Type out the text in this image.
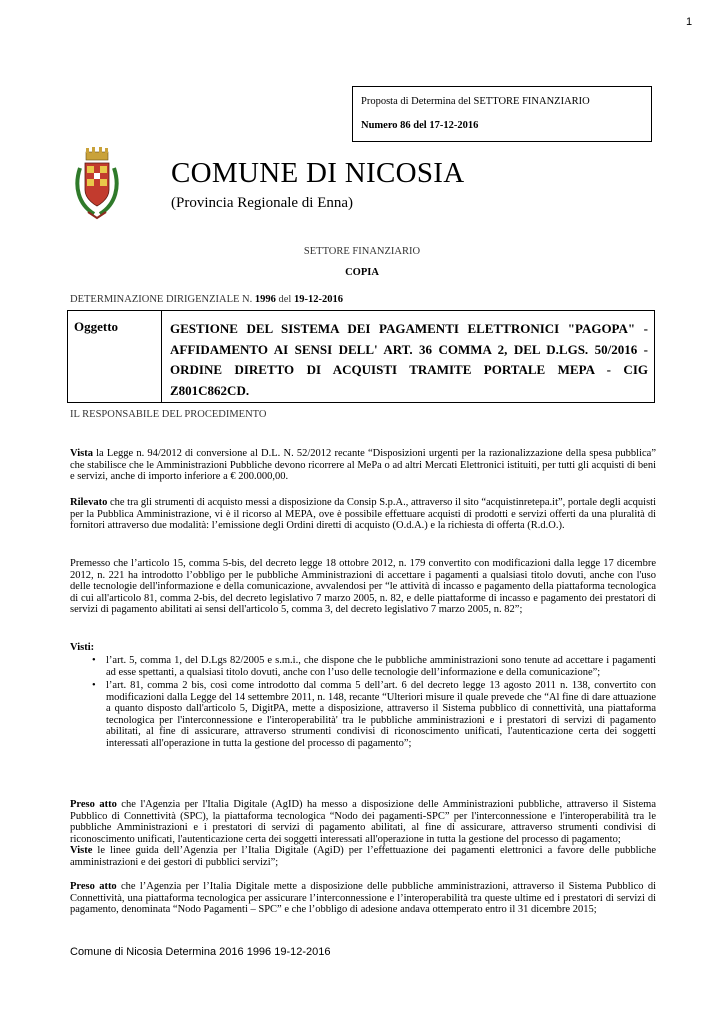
1
Proposta di Determina del SETTORE FINANZIARIO
Numero 86 del 17-12-2016
COMUNE DI NICOSIA
(Provincia Regionale di Enna)
SETTORE FINANZIARIO
COPIA
DETERMINAZIONE DIRIGENZIALE N. 1996 del 19-12-2016
Oggetto	GESTIONE DEL SISTEMA DEI PAGAMENTI ELETTRONICI "PAGOPA" - AFFIDAMENTO AI SENSI DELL' ART. 36 COMMA 2, DEL D.LGS. 50/2016 - ORDINE DIRETTO DI ACQUISTI TRAMITE PORTALE MEPA - CIG Z801C862CD.
IL RESPONSABILE DEL PROCEDIMENTO

Vista la Legge n. 94/2012 di conversione al D.L. N. 52/2012 recante “Disposizioni urgenti per la razionalizzazione della spesa pubblica” che stabilisce che le Amministrazioni Pubbliche devono ricorrere al MePa o ad altri Mercati Elettronici istituiti, per tutti gli acquisti di beni e servizi, anche di importo inferiore a € 200.000,00.

Rilevato che tra gli strumenti di acquisto messi a disposizione da Consip S.p.A., attraverso il sito “acquistinretepa.it”, portale degli acquisti per la Pubblica Amministrazione, vi è il ricorso al MEPA, ove è possibile effettuare acquisti di prodotti e servizi offerti da una pluralità di fornitori attraverso due modalità: l’emissione degli Ordini diretti di acquisto (O.d.A.) e la richiesta di offerta (R.d.O.).

Premesso che l’articolo 15, comma 5-bis, del decreto legge 18 ottobre 2012, n. 179 convertito con modificazioni dalla legge 17 dicembre 2012, n. 221 ha introdotto l’obbligo per le pubbliche Amministrazioni di accettare i pagamenti a qualsiasi titolo dovuti, anche con l'uso delle tecnologie dell'informazione e della comunicazione, avvalendosi per “le attività di incasso e pagamento della piattaforma tecnologica di cui all'articolo 81, comma 2-bis, del decreto legislativo 7 marzo 2005, n. 82, e delle piattaforme di incasso e pagamento dei prestatori di servizi di pagamento abilitati ai sensi dell'articolo 5, comma 3, del decreto legislativo 7 marzo 2005, n. 82”;

Visti:
• l’art. 5, comma 1, del D.Lgs 82/2005 e s.m.i., che dispone che le pubbliche amministrazioni sono tenute ad accettare i pagamenti ad esse spettanti, a qualsiasi titolo dovuti, anche con l’uso delle tecnologie dell’informazione e della comunicazione”;
• l’art. 81, comma 2 bis, così come introdotto dal comma 5 dell’art. 6 del decreto legge 13 agosto 2011 n. 138, convertito con modificazioni dalla Legge del 14 settembre 2011, n. 148, recante “Ulteriori misure il quale prevede che “Al fine di dare attuazione a quanto disposto dall'articolo 5, DigitPA, mette a disposizione, attraverso il Sistema pubblico di connettività, una piattaforma tecnologica per l'interconnessione e l'interoperabilità' tra le pubbliche amministrazioni e i prestatori di servizi di pagamento abilitati, al fine di assicurare, attraverso strumenti condivisi di riconoscimento unificati, l'autenticazione certa dei soggetti interessati all'operazione in tutta la gestione del processo di pagamento”;

Preso atto che l'Agenzia per l'Italia Digitale (AgID) ha messo a disposizione delle Amministrazioni pubbliche, attraverso il Sistema Pubblico di Connettività (SPC), la piattaforma tecnologica “Nodo dei pagamenti-SPC” per l'interconnessione e l'interoperabilità tra le pubbliche Amministrazioni e i prestatori di servizi di pagamento abilitati, al fine di assicurare, attraverso strumenti condivisi di riconoscimento unificati, l'autenticazione certa dei soggetti interessati all'operazione in tutta la gestione del processo di pagamento;

Viste le linee guida dell’Agenzia per l’Italia Digitale (AgiD) per l’effettuazione dei pagamenti elettronici a favore delle pubbliche amministrazioni e dei gestori di pubblici servizi”;

Preso atto che l’Agenzia per l’Italia Digitale mette a disposizione delle pubbliche amministrazioni, attraverso il Sistema Pubblico di Connettività, una piattaforma tecnologica per assicurare l’interconnessione e l’interoperabilità tra queste ultime ed i prestatori di servizi di pagamento, denominata “Nodo Pagamenti – SPC” e che l’obbligo di adesione andava ottemperato entro il 31 dicembre 2015;

Comune di Nicosia Determina 2016 1996 19-12-2016
